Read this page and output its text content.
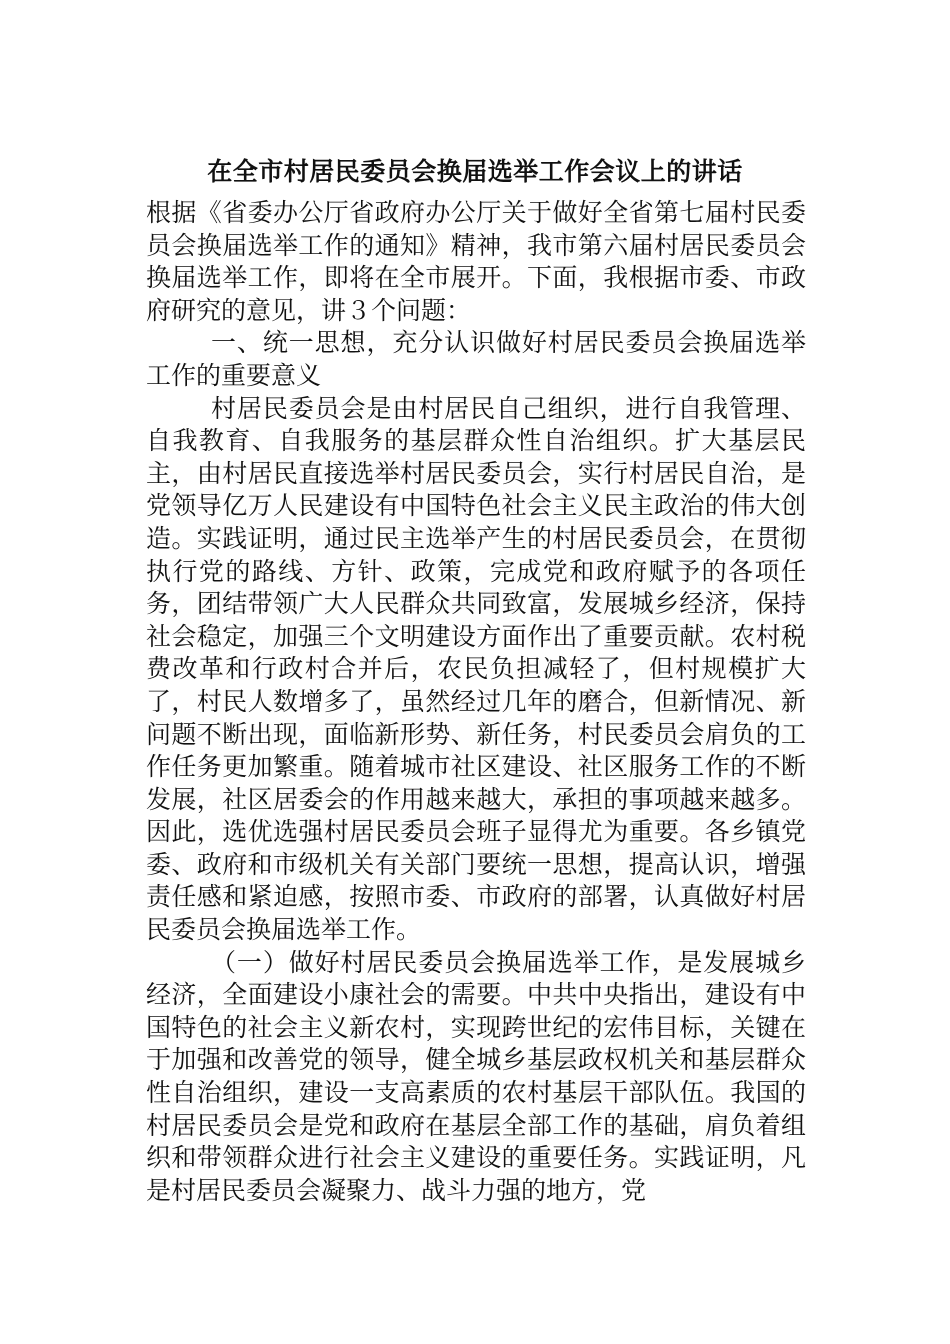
在全市村居民委员会换届选举工作会议上的讲话

根据《省委办公厅省政府办公厅关于做好全省第七届村民委员会换届选举工作的通知》精神，我市第六届村居民委员会换届选举工作，即将在全市展开。下面，我根据市委、市政府研究的意见，讲３个问题：

一、统一思想，充分认识做好村居民委员会换届选举工作的重要意义

村居民委员会是由村居民自己组织，进行自我管理、自我教育、自我服务的基层群众性自治组织。扩大基层民主，由村居民直接选举村居民委员会，实行村居民自治，是党领导亿万人民建设有中国特色社会主义民主政治的伟大创造。实践证明，通过民主选举产生的村居民委员会，在贯彻执行党的路线、方针、政策，完成党和政府赋予的各项任务，团结带领广大人民群众共同致富，发展城乡经济，保持社会稳定，加强三个文明建设方面作出了重要贡献。农村税费改革和行政村合并后，农民负担减轻了，但村规模扩大了，村民人数增多了，虽然经过几年的磨合，但新情况、新问题不断出现，面临新形势、新任务，村民委员会肩负的工作任务更加繁重。随着城市社区建设、社区服务工作的不断发展，社区居委会的作用越来越大，承担的事项越来越多。因此，选优选强村居民委员会班子显得尤为重要。各乡镇党委、政府和市级机关有关部门要统一思想，提高认识，增强责任感和紧迫感，按照市委、市政府的部署，认真做好村居民委员会换届选举工作。

（一）做好村居民委员会换届选举工作，是发展城乡经济，全面建设小康社会的需要。中共中央指出，建设有中国特色的社会主义新农村，实现跨世纪的宏伟目标，关键在于加强和改善党的领导，健全城乡基层政权机关和基层群众性自治组织，建设一支高素质的农村基层干部队伍。我国的村居民委员会是党和政府在基层全部工作的基础，肩负着组织和带领群众进行社会主义建设的重要任务。实践证明，凡是村居民委员会凝聚力、战斗力强的地方，党
